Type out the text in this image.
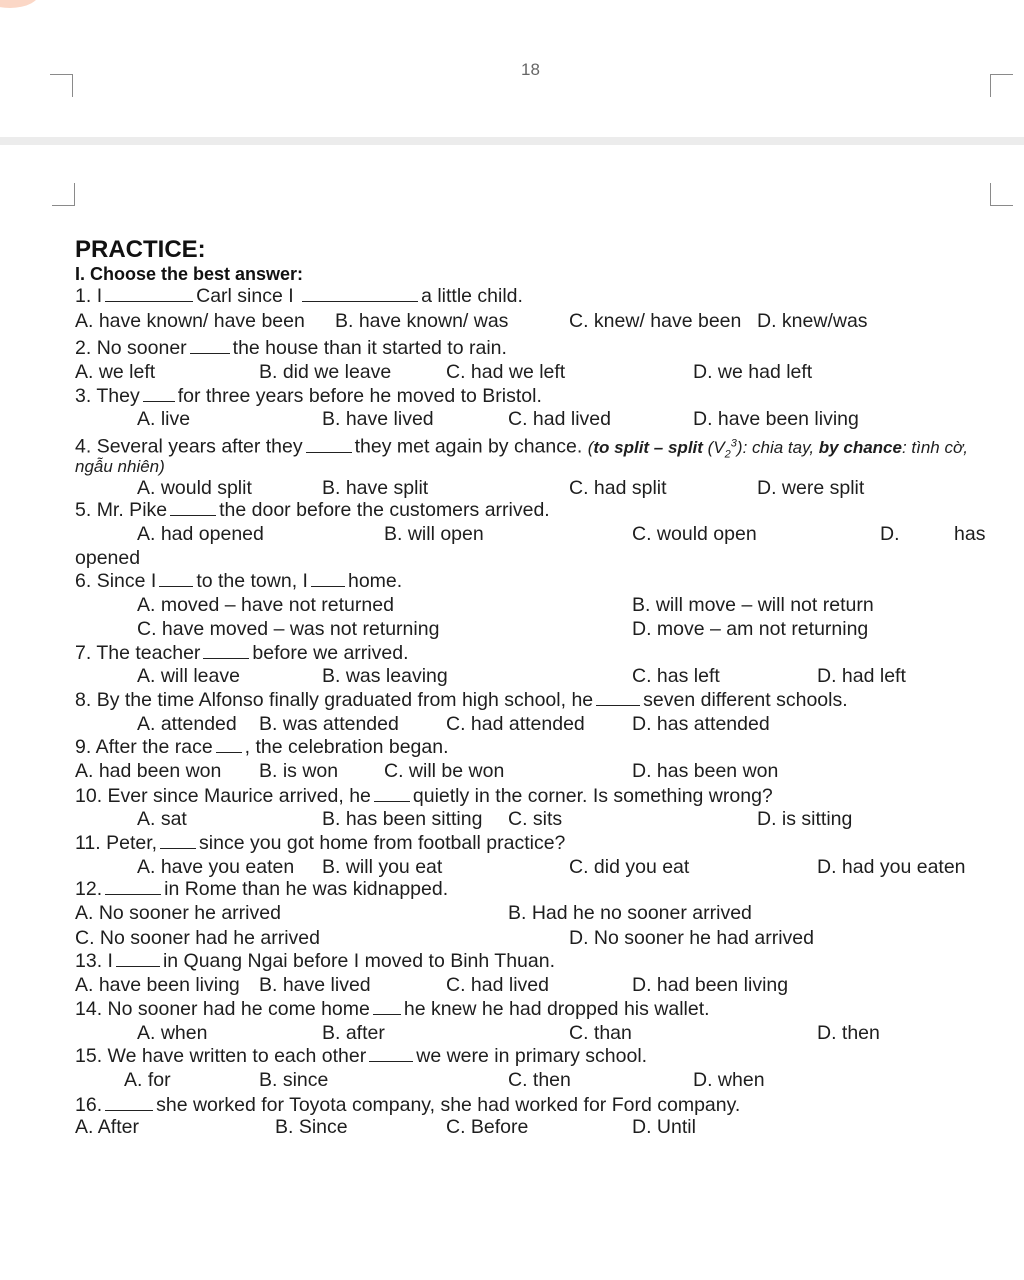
18
PRACTICE:
I. Choose the best answer:
1. I	Carl since I	a little child.
A. have known/ have been B. have known/ was	C. knew/ have been D. knew/was
2. No sooner the house than it started to rain.
A. we left	B. did we leave	C. had we left	D. we had left
3. They for three years before he moved to Bristol.
A. live	B. have lived	C. had lived	D. have been living
4. Several years after they	they met again by chance. (to split – split $(V_2^3)$: chia tay, by chance: tình cờ,
ngẫu nhiên)
A. would split	B. have split	C. had split	D. were split
5. Mr. Pike	the door before the customers arrived.
A. had opened	B. will open	C. would open	D.	has
opened
6. Since I to the town, I home.
A. moved – have not returned	B. will move – will not return
C. have moved – was not returning	D. move – am not returning
7. The teacher	before we arrived.
A. will leave	B. was leaving	C. has left	D. had left
8. By the time Alfonso finally graduated from high school, he	seven different schools.
A. attended B. was attended C. had attended D. has attended
9. After the race , the celebration began.
A. had been won B. is won C. will be won	D. has been won
10. Ever since Maurice arrived, he quietly in the corner. Is something wrong?
A. sat	B. has been sitting C. sits	D. is sitting
11. Peter, since you got home from football practice?
A. have you eaten B. will you eat	C. did you eat	D. had you eaten
12.	in Rome than he was kidnapped.
A. No sooner he arrived	B. Had he no sooner arrived
C. No sooner had he arrived	D. No sooner he had arrived
13. I	in Quang Ngai before I moved to Binh Thuan.
A. have been living B. have lived	C. had lived	D. had been living
14. No sooner had he come home he knew he had dropped his wallet.
A. when	B. after	C. than	D. then
15. We have written to each other	we were in primary school.
A. for	B. since	C. then	D. when
16.	she worked for Toyota company, she had worked for Ford company.
A. After	B. Since	C. Before	D. Until
